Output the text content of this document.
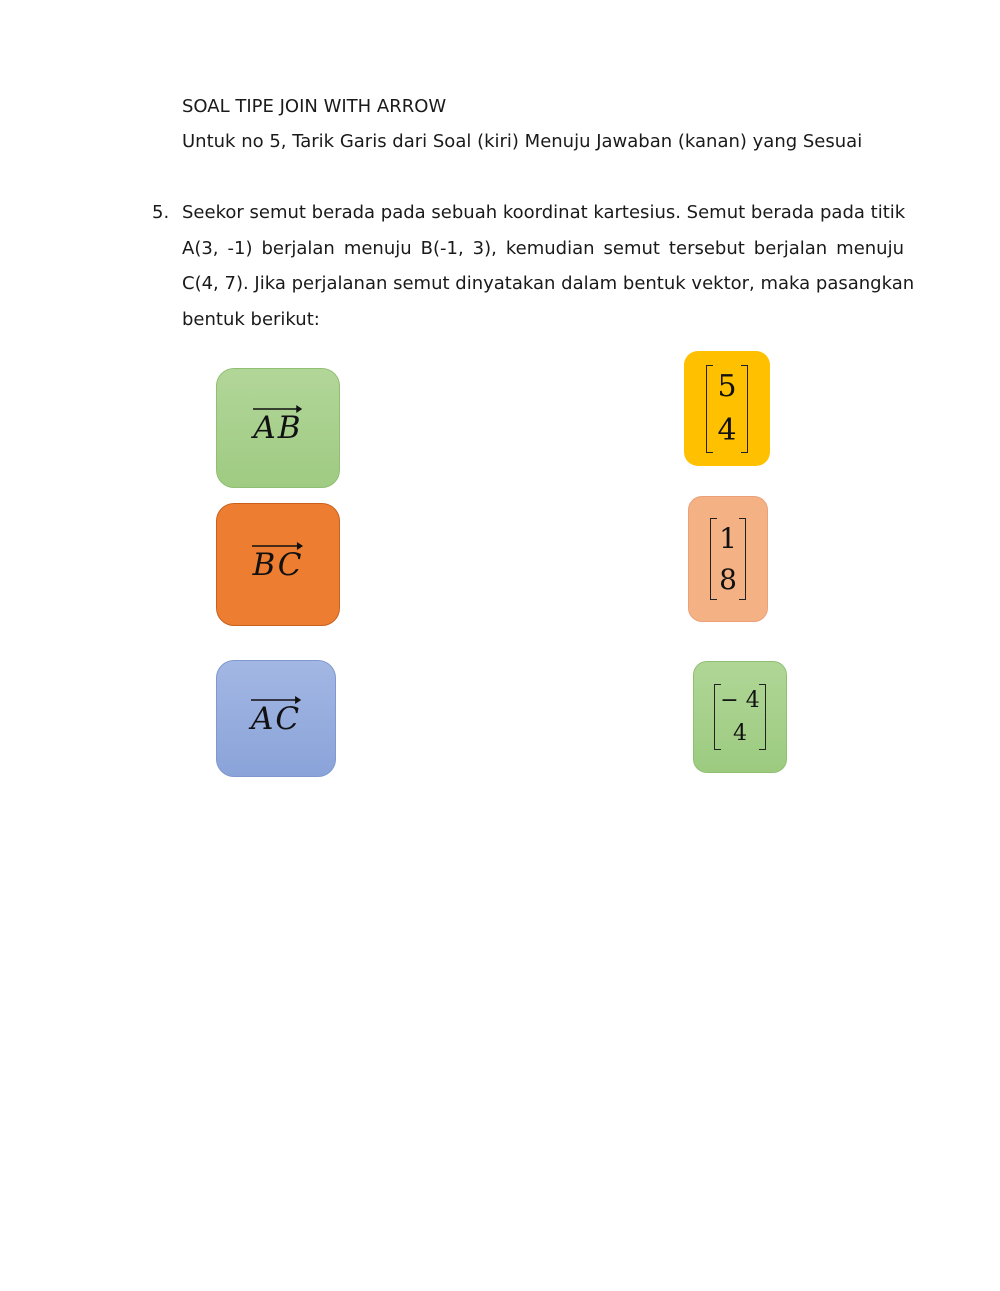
SOAL TIPE JOIN WITH ARROW
Untuk no 5, Tarik Garis dari Soal (kiri) Menuju Jawaban (kanan) yang Sesuai
5. Seekor semut berada pada sebuah koordinat kartesius. Semut berada pada titik
A(3, -1) berjalan menuju B(-1, 3), kemudian semut tersebut berjalan menuju
C(4, 7). Jika perjalanan semut dinyatakan dalam bentuk vektor, maka pasangkan
bentuk berikut:
AB
BC
AC
5
4
1
8
− 4
4
